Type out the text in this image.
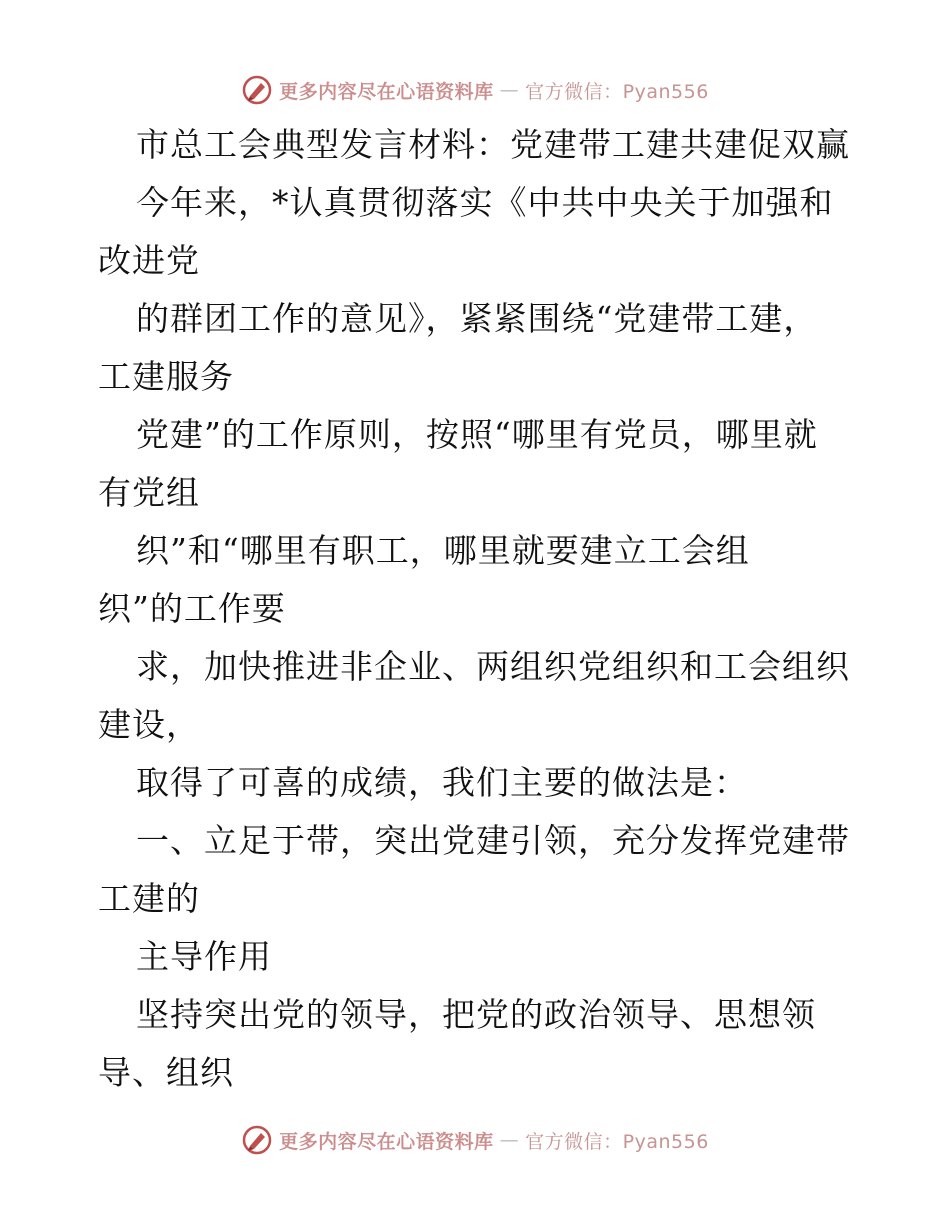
更多内容尽在心语资料库 — 官方微信：Pyan556
市总工会典型发言材料：党建带工建共建促双赢
今年来，*认真贯彻落实《中共中央关于加强和
改进党
的群团工作的意见》，紧紧围绕“党建带工建，
工建服务
党建”的工作原则，按照“哪里有党员，哪里就
有党组
织”和“哪里有职工，哪里就要建立工会组
织”的工作要
求，加快推进非企业、两组织党组织和工会组织
建设，
取得了可喜的成绩，我们主要的做法是：
一、立足于带，突出党建引领，充分发挥党建带
工建的
主导作用
坚持突出党的领导，把党的政治领导、思想领
导、组织
更多内容尽在心语资料库 — 官方微信：Pyan556
